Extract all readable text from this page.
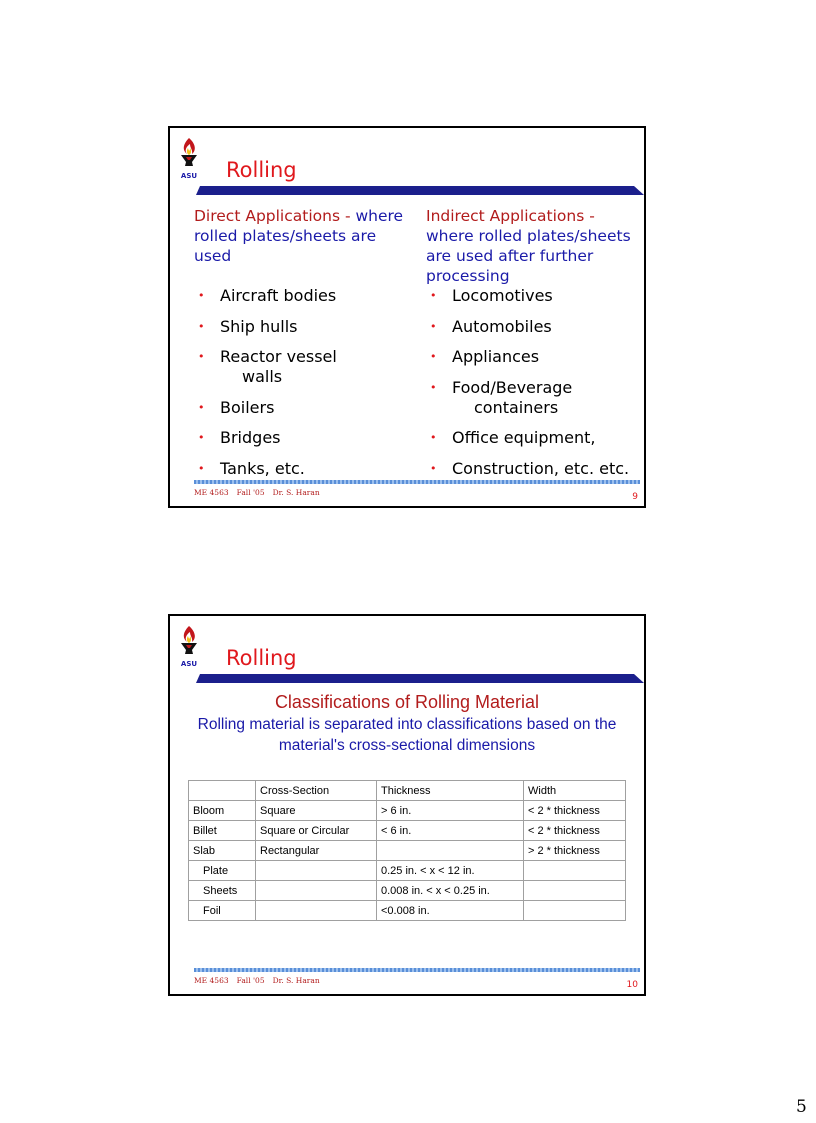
ASU Rolling
Direct Applications - where rolled plates/sheets are used
• Aircraft bodies
• Ship hulls
• Reactor vessel
walls
• Boilers
• Bridges
• Tanks, etc.
Indirect Applications - where rolled plates/sheets are used after further processing
• Locomotives
• Automobiles
• Appliances
• Food/Beverage
containers
• Office equipment,
• Construction, etc. etc.
ME 4563 Fall '05 Dr. S. Haran	9
ASU Rolling
Classifications of Rolling Material
Rolling material is separated into classifications based on the material's cross-sectional dimensions
	Cross-Section	Thickness	Width
Bloom	Square	> 6 in.	< 2 * thickness
Billet	Square or Circular	< 6 in.	< 2 * thickness
Slab	Rectangular		> 2 * thickness
Plate		0.25 in. < x < 12 in.	
Sheets		0.008 in. < x < 0.25 in.	
Foil		<0.008 in.	
ME 4563 Fall '05 Dr. S. Haran	10
5
